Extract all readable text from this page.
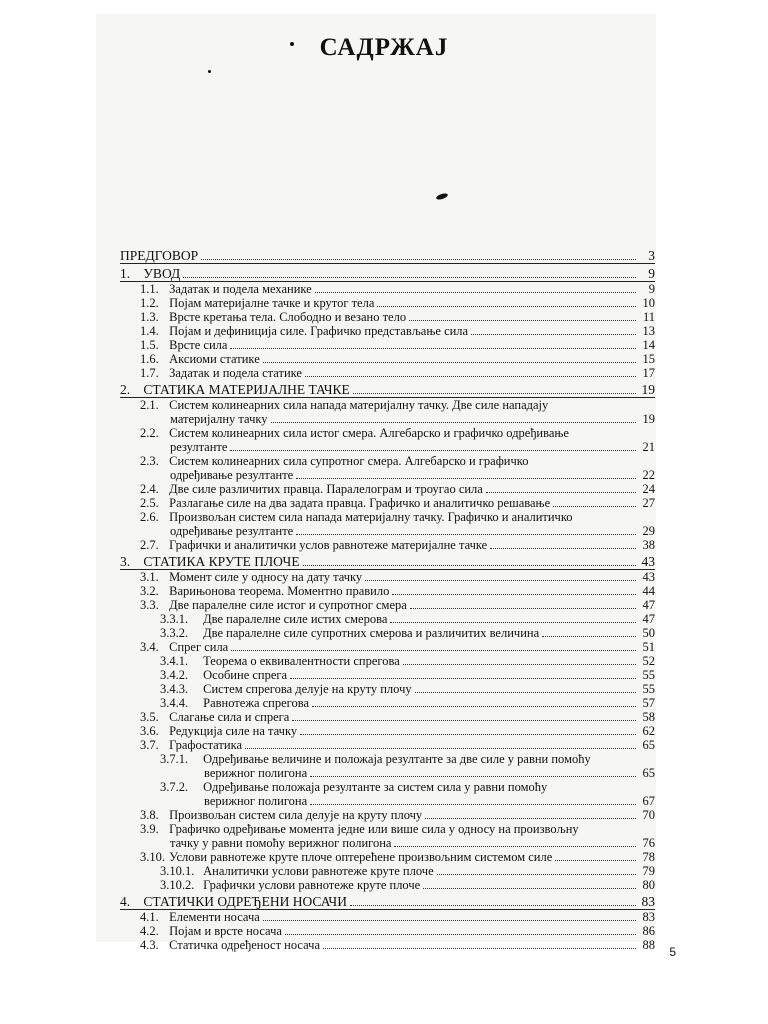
САДРЖАЈ
ПРЕДГОВОР	3
1. УВОД	9
1.1. Задатак и подела механике	9
1.2. Појам материјалне тачке и крутог тела	10
1.3. Врсте кретања тела. Слободно и везано тело	11
1.4. Појам и дефиниција силе. Графичко представљање сила	13
1.5. Врсте сила	14
1.6. Аксиоми статике	15
1.7. Задатак и подела статике	17
2. СТАТИКА МАТЕРИЈАЛНЕ ТАЧКЕ	19
2.1. Систем колинеарних сила напада материјалну тачку. Две силе нападају
материјалну тачку	19
2.2. Систем колинеарних сила истог смера. Алгебарско и графичко одређивање
резултанте	21
2.3. Систем колинеарних сила супротног смера. Алгебарско и графичко
одређивање резултанте	22
2.4. Две силе различитих правца. Паралелограм и троугао сила	24
2.5. Разлагање силе на два задата правца. Графичко и аналитичко решавање	27
2.6. Произвољан систем сила напада материјалну тачку. Графичко и аналитичко
одређивање резултанте	29
2.7. Графички и аналитички услов равнотеже материјалне тачке	38
3. СТАТИКА КРУТЕ ПЛОЧЕ	43
3.1. Момент силе у односу на дату тачку	43
3.2. Варињонова теорема. Моментно правило	44
3.3. Две паралелне силе истог и супротног смера	47
3.3.1. Две паралелне силе истих смерова	47
3.3.2. Две паралелне силе супротних смерова и различитих величина	50
3.4. Спрег сила	51
3.4.1. Теорема о еквивалентности спрегова	52
3.4.2. Особине спрега	55
3.4.3. Систем спрегова делује на круту плочу	55
3.4.4. Равнотежа спрегова	57
3.5. Слагање сила и спрега	58
3.6. Редукција силе на тачку	62
3.7. Графостатика	65
3.7.1. Одређивање величине и положаја резултанте за две силе у равни помоћу
верижног полигона	65
3.7.2. Одређивање положаја резултанте за систем сила у равни помоћу
верижног полигона	67
3.8. Произвољан систем сила делује на круту плочу	70
3.9. Графичко одређивање момента једне или више сила у односу на произвољну
тачку у равни помоћу верижног полигона	76
3.10. Услови равнотеже круте плоче оптерећене произвољним системом силе	78
3.10.1. Аналитички услови равнотеже круте плоче	79
3.10.2. Графички услови равнотеже круте плоче	80
4. СТАТИЧКИ ОДРЕЂЕНИ НОСАЧИ	83
4.1. Елементи носача	83
4.2. Појам и врсте носача	86
4.3. Статичка одређеност носача	88 5
